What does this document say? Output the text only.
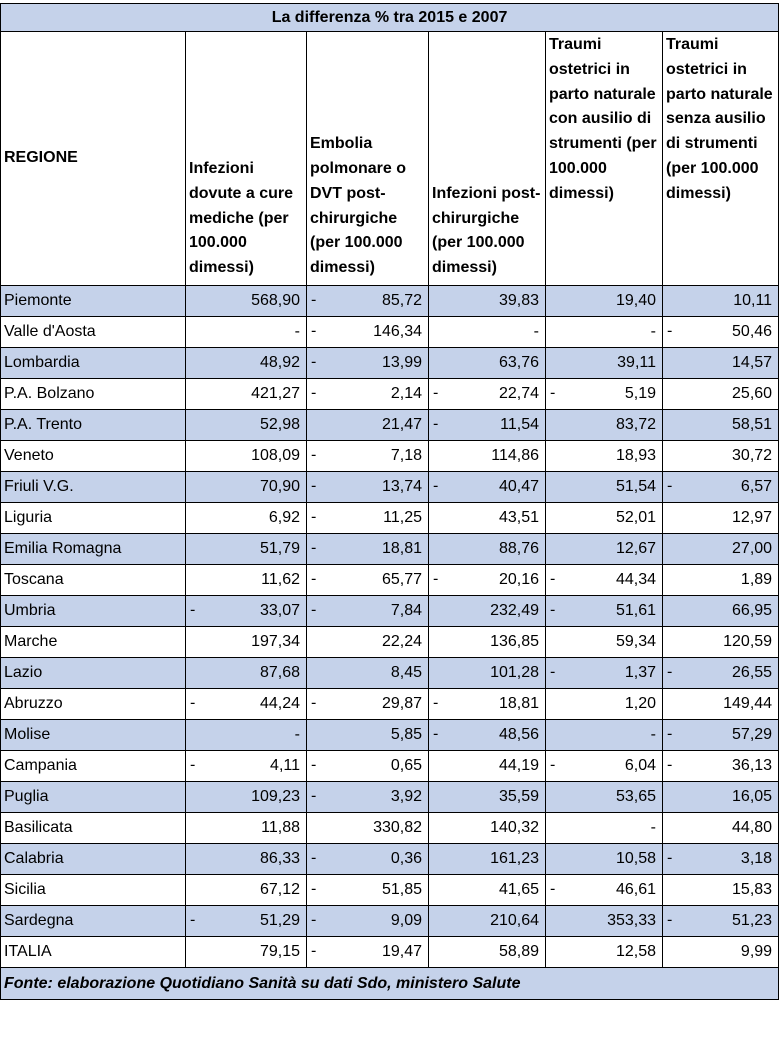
La differenza % tra 2015 e 2007					
REGIONE	Infezioni dovute a cure mediche (per 100.000 dimessi)	Embolia polmonare o DVT post-chirurgiche (per 100.000 dimessi)	Infezioni post-chirurgiche (per 100.000 dimessi)	Traumi ostetrici in parto naturale con ausilio di strumenti (per 100.000 dimessi)	Traumi ostetrici in parto naturale senza ausilio di strumenti (per 100.000 dimessi)
Piemonte	568,90	- 85,72	39,83	19,40	10,11
Valle d'Aosta	-	- 146,34	-	-	- 50,46
Lombardia	48,92	- 13,99	63,76	39,11	14,57
P.A. Bolzano	421,27	- 2,14	- 22,74	- 5,19	25,60
P.A. Trento	52,98	21,47	- 11,54	83,72	58,51
Veneto	108,09	- 7,18	114,86	18,93	30,72
Friuli V.G.	70,90	- 13,74	- 40,47	51,54	- 6,57
Liguria	6,92	- 11,25	43,51	52,01	12,97
Emilia Romagna	51,79	- 18,81	88,76	12,67	27,00
Toscana	11,62	- 65,77	- 20,16	- 44,34	1,89
Umbria	- 33,07	- 7,84	232,49	- 51,61	66,95
Marche	197,34	22,24	136,85	59,34	120,59
Lazio	87,68	8,45	101,28	- 1,37	- 26,55
Abruzzo	- 44,24	- 29,87	- 18,81	1,20	149,44
Molise	-	5,85	- 48,56	-	- 57,29
Campania	- 4,11	- 0,65	44,19	- 6,04	- 36,13
Puglia	109,23	- 3,92	35,59	53,65	16,05
Basilicata	11,88	330,82	140,32	-	44,80
Calabria	86,33	- 0,36	161,23	10,58	- 3,18
Sicilia	67,12	- 51,85	41,65	- 46,61	15,83
Sardegna	- 51,29	- 9,09	210,64	353,33	- 51,23
ITALIA	79,15	- 19,47	58,89	12,58	9,99
Fonte: elaborazione Quotidiano Sanità su dati Sdo, ministero Salute					
